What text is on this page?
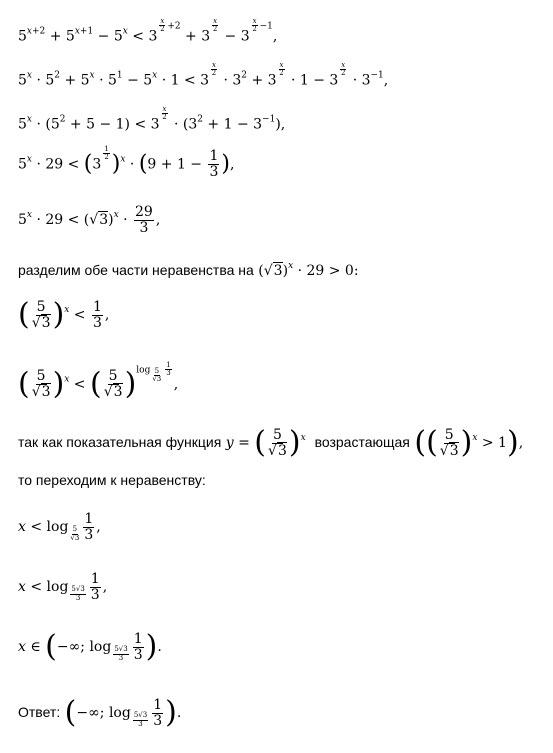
$5^{x+2} + 5^{x+1} - 5^x < 3$
$\frac{x}{2} +2 + 3$
$\frac{x}{2}$
− 3
$\frac{x}{2} -1$,
$5^x \cdot 5^2 + 5^x \cdot 5^1 - 5^x \cdot 1 < 3$
$\frac{x}{2}$
· $3^2 + 3$
$\frac{x}{2}$
· 1 − 3
$\frac{x}{2}$
· $3^{-1}$,
$5^x \cdot (5^2 + 5 - 1) < 3$
$\frac{x}{2}$
· $(3^2 + 1 - 3^{-1})$,
$5^x \cdot 29 < (3$
$\frac{1}{2} )^x \cdot (9 + 1 - \frac{1}{3}$ ),
$5^x \cdot 29 < (√3)^x \cdot \frac{29}{3}$ ,
разделим обе части неравенства на $(√3)^x \cdot 29 > 0$:
( $\frac{5}{√3} )^x < \frac{1}{3}$ ,
( $\frac{5}{√3} )^x$ < ( $\frac{5}{√3} )\log$ $_{\frac{5}{√3}} \frac{1}{3}$
,
так как показательная функция y = ( $\frac{5}{√3} )^x$ возрастающая (( $\frac{5}{√3} )^x > 1$),
то переходим к неравенству:
$x < \log _{\frac{5}{√3}} \frac{1}{3}$ ,
$x < \log _{\frac{5√3}{3}} \frac{1}{3}$ ,
x ∈ (−∞; $\log _{\frac{5√3}{3}} \frac{1}{3}$ ).
Ответ: (−∞; $\log _{\frac{5√3}{3}} \frac{1}{3}$ ).
